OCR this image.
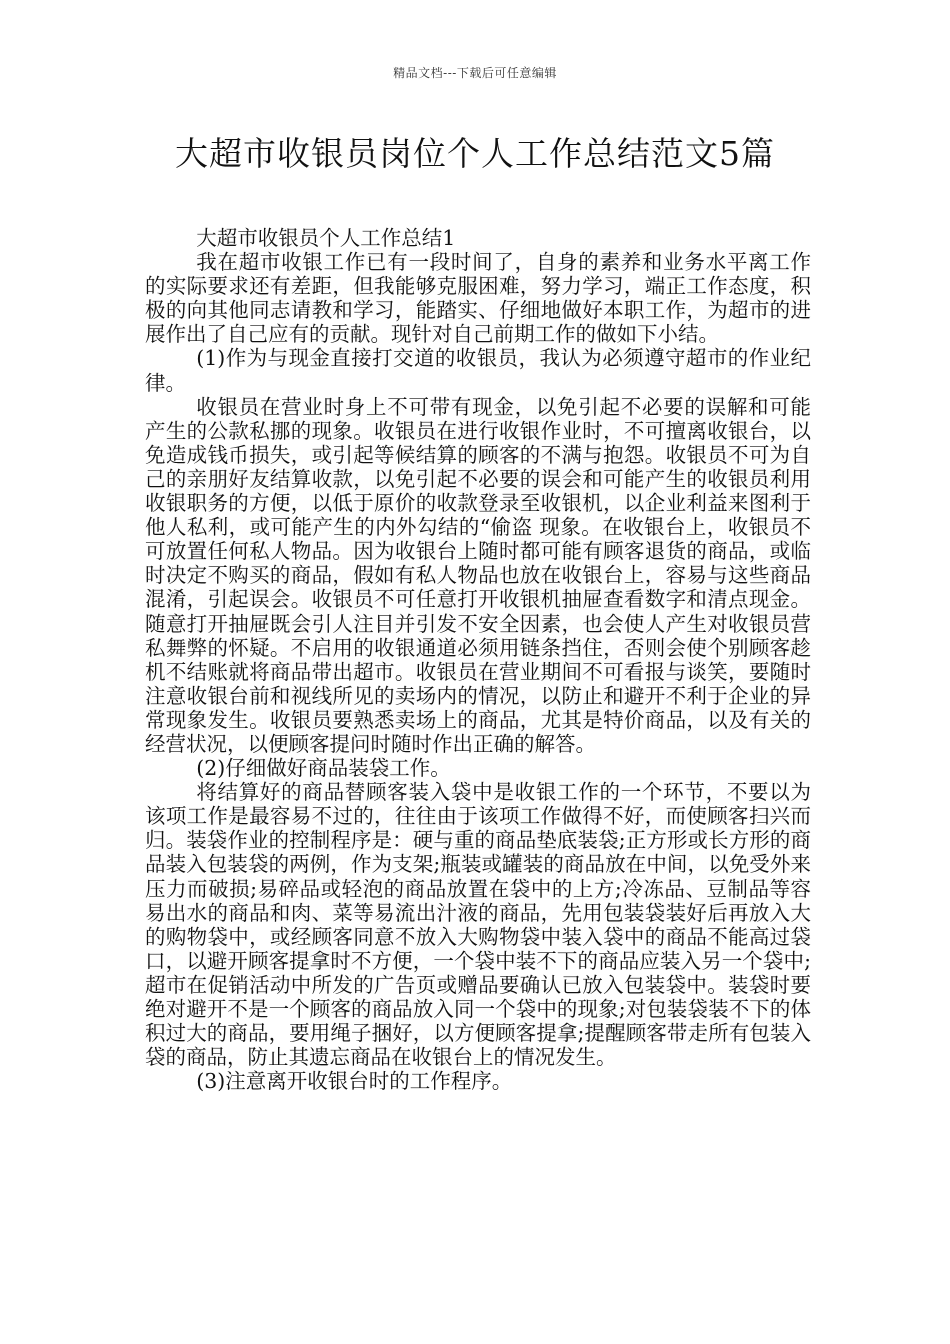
精品文档---下载后可任意编辑
大超市收银员岗位个人工作总结范文5篇

大超市收银员个人工作总结1

我在超市收银工作已有一段时间了，自身的素养和业务水平离工作的实际要求还有差距，但我能够克服困难，努力学习，端正工作态度，积极的向其他同志请教和学习，能踏实、仔细地做好本职工作，为超市的进展作出了自己应有的贡献。现针对自己前期工作的做如下小结。

(1)作为与现金直接打交道的收银员，我认为必须遵守超市的作业纪律。

收银员在营业时身上不可带有现金，以免引起不必要的误解和可能产生的公款私挪的现象。收银员在进行收银作业时，不可擅离收银台，以免造成钱币损失，或引起等候结算的顾客的不满与抱怨。收银员不可为自己的亲朋好友结算收款，以免引起不必要的误会和可能产生的收银员利用收银职务的方便，以低于原价的收款登录至收银机，以企业利益来图利于他人私利，或可能产生的内外勾结的“偷盗 现象。在收银台上，收银员不可放置任何私人物品。因为收银台上随时都可能有顾客退货的商品，或临时决定不购买的商品，假如有私人物品也放在收银台上，容易与这些商品混淆，引起误会。收银员不可任意打开收银机抽屉查看数字和清点现金。随意打开抽屉既会引人注目并引发不安全因素，也会使人产生对收银员营私舞弊的怀疑。不启用的收银通道必须用链条挡住，否则会使个别顾客趁机不结账就将商品带出超市。收银员在营业期间不可看报与谈笑，要随时注意收银台前和视线所见的卖场内的情况，以防止和避开不利于企业的异常现象发生。收银员要熟悉卖场上的商品，尤其是特价商品，以及有关的经营状况，以便顾客提问时随时作出正确的解答。

(2)仔细做好商品装袋工作。

将结算好的商品替顾客装入袋中是收银工作的一个环节，不要以为该项工作是最容易不过的，往往由于该项工作做得不好，而使顾客扫兴而归。装袋作业的控制程序是：硬与重的商品垫底装袋;正方形或长方形的商品装入包装袋的两例，作为支架;瓶装或罐装的商品放在中间，以免受外来压力而破损;易碎品或轻泡的商品放置在袋中的上方;冷冻品、豆制品等容易出水的商品和肉、菜等易流出汁液的商品，先用包装袋装好后再放入大的购物袋中，或经顾客同意不放入大购物袋中装入袋中的商品不能高过袋口，以避开顾客提拿时不方便，一个袋中装不下的商品应装入另一个袋中;超市在促销活动中所发的广告页或赠品要确认已放入包装袋中。装袋时要绝对避开不是一个顾客的商品放入同一个袋中的现象;对包装袋装不下的体积过大的商品，要用绳子捆好，以方便顾客提拿;提醒顾客带走所有包装入袋的商品，防止其遗忘商品在收银台上的情况发生。

(3)注意离开收银台时的工作程序。
